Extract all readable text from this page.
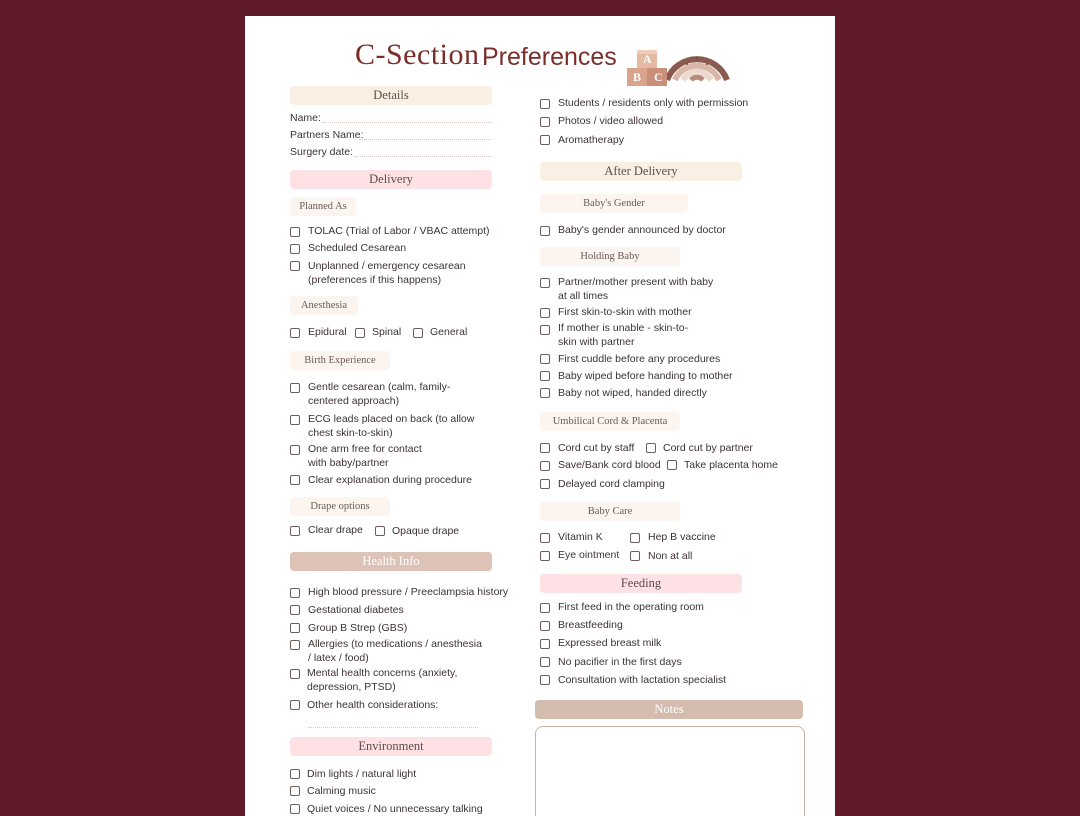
C-Section Preferences A
B C
Details
Name:
Partners Name:
Surgery date:
Delivery
Planned As
TOLAC (Trial of Labor / VBAC attempt)
Scheduled Cesarean
Unplanned / emergency cesarean
(preferences if this happens)
Anesthesia
Epidural Spinal	General
Birth Experience
Gentle cesarean (calm, family-
centered approach)
ECG leads placed on back (to allow
chest skin-to-skin)
One arm free for contact
with baby/partner
Clear explanation during procedure
Drape options
Clear drape	Opaque drape
Health Info
High blood pressure / Preeclampsia history
Gestational diabetes
Group B Strep (GBS)
Allergies (to medications / anesthesia
/ latex / food)
Mental health concerns (anxiety,
depression, PTSD)
Other health considerations:
Environment
Dim lights / natural light
Calming music
Quiet voices / No unnecessary talking
Students / residents only with permission
Photos / video allowed
Aromatherapy
After Delivery
Baby's Gender
Baby's gender announced by doctor
Holding Baby
Partner/mother present with baby
at all times
First skin-to-skin with mother
If mother is unable - skin-to-
skin with partner
First cuddle before any procedures
Baby wiped before handing to mother
Baby not wiped, handed directly
Umbilical Cord & Placenta
Cord cut by staff	Cord cut by partner
Save/Bank cord blood Take placenta home
Delayed cord clamping
Baby Care
Vitamin K	Hep B vaccine
Eye ointment	Non at all
Feeding
First feed in the operating room
Breastfeeding
Expressed breast milk
No pacifier in the first days
Consultation with lactation specialist
Notes
